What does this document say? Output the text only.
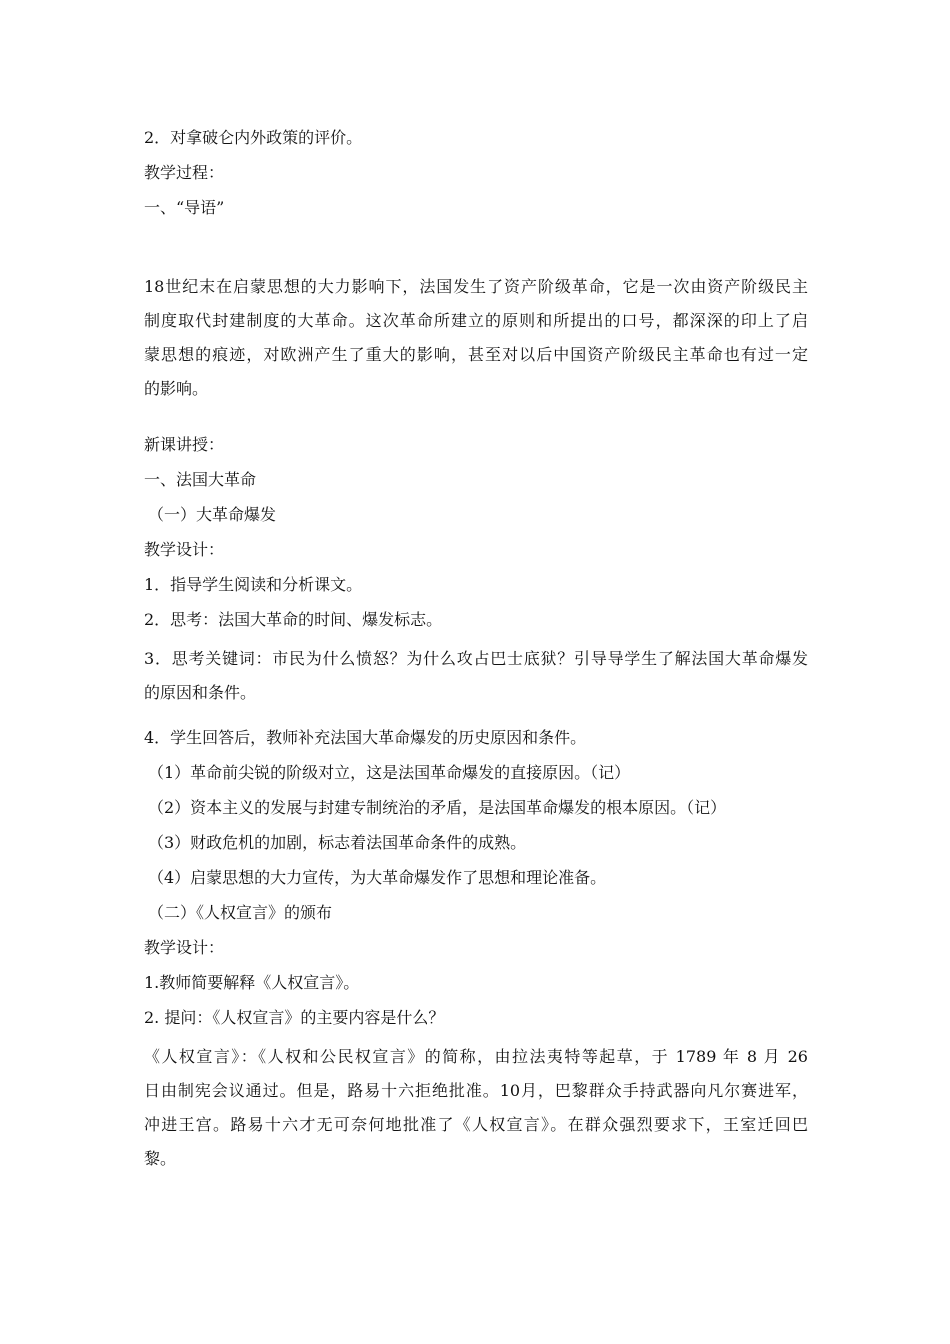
2．对拿破仑内外政策的评价。
教学过程：
一、“导语”
18世纪末在启蒙思想的大力影响下，法国发生了资产阶级革命，它是一次由资产阶级民主
制度取代封建制度的大革命。这次革命所建立的原则和所提出的口号，都深深的印上了启
蒙思想的痕迹，对欧洲产生了重大的影响，甚至对以后中国资产阶级民主革命也有过一定
的影响。
新课讲授：
一、法国大革命
（一）大革命爆发
教学设计：
1．指导学生阅读和分析课文。
2．思考：法国大革命的时间、爆发标志。
3．思考关键词：市民为什么愤怒？为什么攻占巴士底狱？引导导学生了解法国大革命爆发
的原因和条件。
4．学生回答后，教师补充法国大革命爆发的历史原因和条件。
（1）革命前尖锐的阶级对立，这是法国革命爆发的直接原因。（记）
（2）资本主义的发展与封建专制统治的矛盾，是法国革命爆发的根本原因。（记）
（3）财政危机的加剧，标志着法国革命条件的成熟。
（4）启蒙思想的大力宣传，为大革命爆发作了思想和理论准备。
（二）《人权宣言》的颁布
教学设计：
1.教师简要解释《人权宣言》。
2. 提问：《人权宣言》的主要内容是什么？
《人权宣言》：《人权和公民权宣言》的简称，由拉法夷特等起草，于 1789 年 8 月 26
日由制宪会议通过。但是，路易十六拒绝批准。10月，巴黎群众手持武器向凡尔赛进军，
冲进王宫。路易十六才无可奈何地批准了《人权宣言》。在群众强烈要求下，王室迁回巴
黎。
